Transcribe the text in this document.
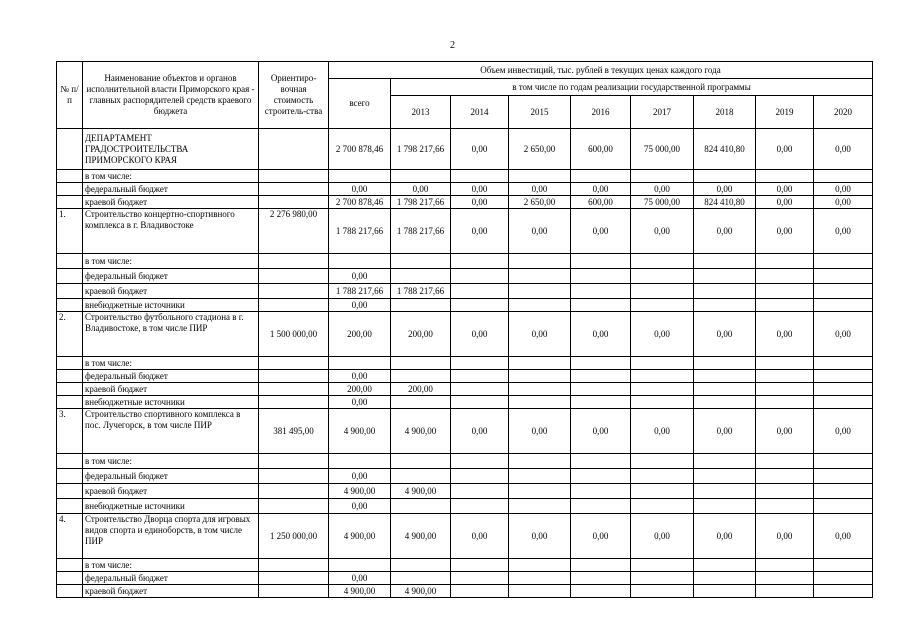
2
№ п/п	Наименование объектов и органов исполнительной власти Приморского края - главных распорядителей средств краевого бюджета	Ориентиро-вочная стоимость строитель-ства	Объем инвестиций, тыс. рублей в текущих ценах каждого года								
			всего	в том числе по годам реализации государственной программы							
				2013	2014	2015	2016	2017	2018	2019	2020
	ДЕПАРТАМЕНТ ГРАДОСТРОИТЕЛЬСТВА ПРИМОРСКОГО КРАЯ		2 700 878,46	1 798 217,66	0,00	2 650,00	600,00	75 000,00	824 410,80	0,00	0,00
	в том числе:										
	федеральный бюджет		0,00	0,00	0,00	0,00	0,00	0,00	0,00	0,00	0,00
	краевой бюджет		2 700 878,46	1 798 217,66	0,00	2 650,00	600,00	75 000,00	824 410,80	0,00	0,00
1.	Строительство концертно-спортивного комплекса в г. Владивостоке	2 276 980,00	1 788 217,66	1 788 217,66	0,00	0,00	0,00	0,00	0,00	0,00	0,00
	в том числе:										
	федеральный бюджет		0,00								
	краевой бюджет		1 788 217,66	1 788 217,66							
	внебюджетные источники		0,00								
2.	Строительство футбольного стадиона в г. Владивостоке, в том числе ПИР	1 500 000,00	200,00	200,00	0,00	0,00	0,00	0,00	0,00	0,00	0,00
	в том числе:										
	федеральный бюджет		0,00								
	краевой бюджет		200,00	200,00							
	внебюджетные источники		0,00								
3.	Строительство спортивного комплекса в пос. Лучегорск, в том числе ПИР	381 495,00	4 900,00	4 900,00	0,00	0,00	0,00	0,00	0,00	0,00	0,00
	в том числе:										
	федеральный бюджет		0,00								
	краевой бюджет		4 900,00	4 900,00							
	внебюджетные источники		0,00								
4.	Строительство Дворца спорта для игровых видов спорта и единоборств, в том числе ПИР	1 250 000,00	4 900,00	4 900,00	0,00	0,00	0,00	0,00	0,00	0,00	0,00
	в том числе:										
	федеральный бюджет		0,00								
	краевой бюджет		4 900,00	4 900,00							
